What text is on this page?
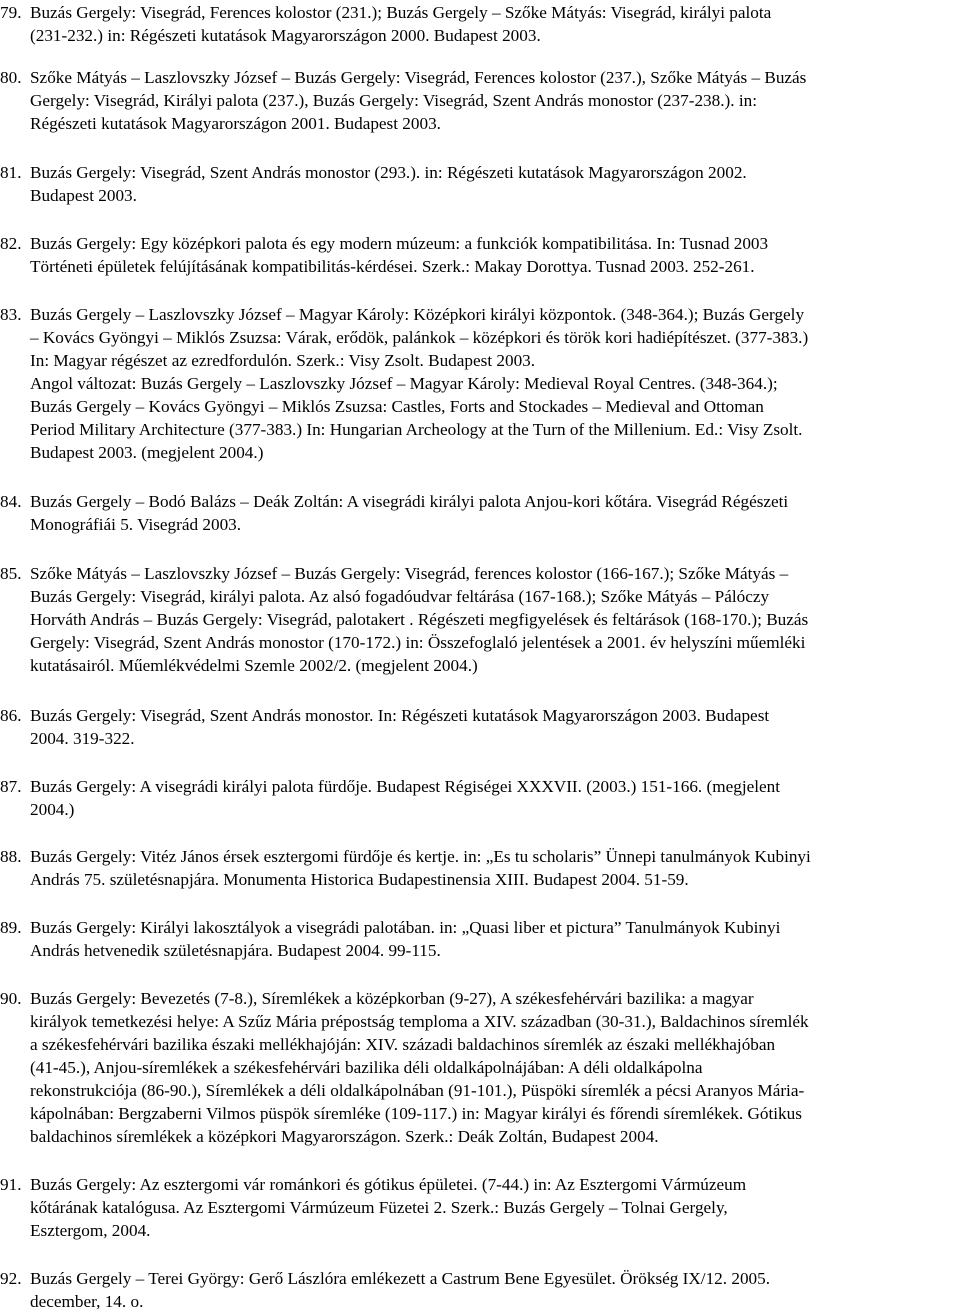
79. Buzás Gergely: Visegrád, Ferences kolostor (231.); Buzás Gergely – Szőke Mátyás: Visegrád, királyi palota
(231-232.) in: Régészeti kutatások Magyarországon 2000. Budapest 2003.
80. Szőke Mátyás – Laszlovszky József – Buzás Gergely: Visegrád, Ferences kolostor (237.), Szőke Mátyás – Buzás
Gergely: Visegrád, Királyi palota (237.), Buzás Gergely: Visegrád, Szent András monostor (237-238.). in:
Régészeti kutatások Magyarországon 2001. Budapest 2003.
81. Buzás Gergely: Visegrád, Szent András monostor (293.). in: Régészeti kutatások Magyarországon 2002.
Budapest 2003.
82. Buzás Gergely: Egy középkori palota és egy modern múzeum: a funkciók kompatibilitása. In: Tusnad 2003
Történeti épületek felújításának kompatibilitás-kérdései. Szerk.: Makay Dorottya. Tusnad 2003. 252-261.
83. Buzás Gergely – Laszlovszky József – Magyar Károly: Középkori királyi központok. (348-364.); Buzás Gergely
– Kovács Gyöngyi – Miklós Zsuzsa: Várak, erődök, palánkok – középkori és török kori hadiépítészet. (377-383.)
In: Magyar régészet az ezredfordulón. Szerk.: Visy Zsolt. Budapest 2003.
Angol változat: Buzás Gergely – Laszlovszky József – Magyar Károly: Medieval Royal Centres. (348-364.);
Buzás Gergely – Kovács Gyöngyi – Miklós Zsuzsa: Castles, Forts and Stockades – Medieval and Ottoman
Period Military Architecture (377-383.) In: Hungarian Archeology at the Turn of the Millenium. Ed.: Visy Zsolt.
Budapest 2003. (megjelent 2004.)
84. Buzás Gergely – Bodó Balázs – Deák Zoltán: A visegrádi királyi palota Anjou-kori kőtára. Visegrád Régészeti
Monográfiái 5. Visegrád 2003.
85. Szőke Mátyás – Laszlovszky József – Buzás Gergely: Visegrád, ferences kolostor (166-167.); Szőke Mátyás –
Buzás Gergely: Visegrád, királyi palota. Az alsó fogadóudvar feltárása (167-168.); Szőke Mátyás – Pálóczy
Horváth András – Buzás Gergely: Visegrád, palotakert . Régészeti megfigyelések és feltárások (168-170.); Buzás
Gergely: Visegrád, Szent András monostor (170-172.) in: Összefoglaló jelentések a 2001. év helyszíni műemléki
kutatásairól. Műemlékvédelmi Szemle 2002/2. (megjelent 2004.)
86. Buzás Gergely: Visegrád, Szent András monostor. In: Régészeti kutatások Magyarországon 2003. Budapest
2004. 319-322.
87. Buzás Gergely: A visegrádi királyi palota fürdője. Budapest Régiségei XXXVII. (2003.) 151-166. (megjelent
2004.)
88. Buzás Gergely: Vitéz János érsek esztergomi fürdője és kertje. in: „Es tu scholaris” Ünnepi tanulmányok Kubinyi
András 75. születésnapjára. Monumenta Historica Budapestinensia XIII. Budapest 2004. 51-59.
89. Buzás Gergely: Királyi lakosztályok a visegrádi palotában. in: „Quasi liber et pictura” Tanulmányok Kubinyi
András hetvenedik születésnapjára. Budapest 2004. 99-115.
90. Buzás Gergely: Bevezetés (7-8.), Síremlékek a középkorban (9-27), A székesfehérvári bazilika: a magyar
királyok temetkezési helye: A Szűz Mária prépostság temploma a XIV. században (30-31.), Baldachinos síremlék
a székesfehérvári bazilika északi mellékhajóján: XIV. századi baldachinos síremlék az északi mellékhajóban
(41-45.), Anjou-síremlékek a székesfehérvári bazilika déli oldalkápolnájában: A déli oldalkápolna
rekonstrukciója (86-90.), Síremlékek a déli oldalkápolnában (91-101.), Püspöki síremlék a pécsi Aranyos Mária-
kápolnában: Bergzaberni Vilmos püspök síremléke (109-117.) in: Magyar királyi és főrendi síremlékek. Gótikus
baldachinos síremlékek a középkori Magyarországon. Szerk.: Deák Zoltán, Budapest 2004.
91. Buzás Gergely: Az esztergomi vár románkori és gótikus épületei. (7-44.) in: Az Esztergomi Vármúzeum
kőtárának katalógusa. Az Esztergomi Vármúzeum Füzetei 2. Szerk.: Buzás Gergely – Tolnai Gergely,
Esztergom, 2004.
92. Buzás Gergely – Terei György: Gerő Lászlóra emlékezett a Castrum Bene Egyesület. Örökség IX/12. 2005.
december, 14. o.
